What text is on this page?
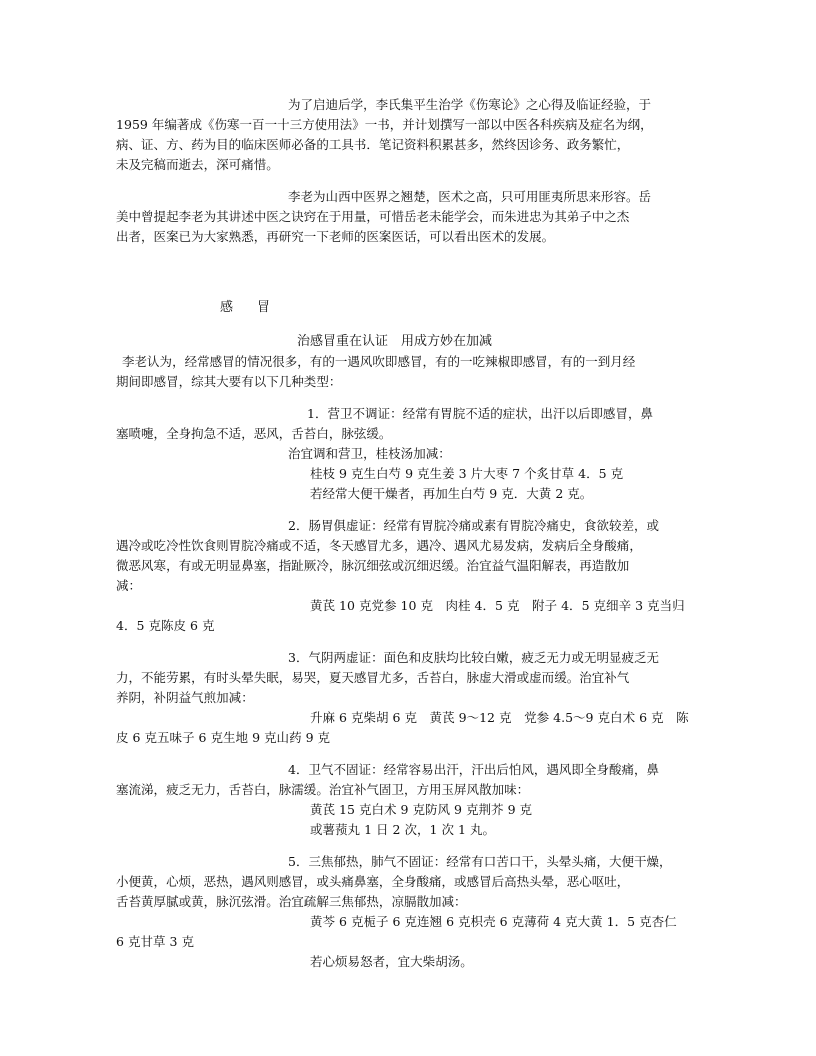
为了启迪后学，李氏集平生治学《伤寒论》之心得及临证经验，于
1959 年编著成《伤寒一百一十三方使用法》一书，并计划撰写一部以中医各科疾病及症名为纲，
病、证、方、药为目的临床医师必备的工具书．笔记资料积累甚多，然终因诊务、政务繁忙，
未及完稿而逝去，深可痛惜。
李老为山西中医界之翘楚，医术之高，只可用匪夷所思来形容。岳
美中曾提起李老为其讲述中医之诀窍在于用量，可惜岳老未能学会，而朱进忠为其弟子中之杰
出者，医案已为大家熟悉，再研究一下老师的医案医话，可以看出医术的发展。
感 冒
治感冒重在认证　用成方妙在加减
李老认为，经常感冒的情况很多，有的一遇风吹即感冒，有的一吃辣椒即感冒，有的一到月经
期间即感冒，综其大要有以下几种类型：
1．营卫不调证：经常有胃脘不适的症状，出汗以后即感冒，鼻
塞喷嚏，全身拘急不适，恶风，舌苔白，脉弦缓。
治宜调和营卫，桂枝汤加减：
桂枝 9 克生白芍 9 克生姜 3 片大枣 7 个炙甘草 4．5 克
若经常大便干燥者，再加生白芍 9 克．大黄 2 克。
2．肠胃俱虚证：经常有胃脘冷痛或素有胃脘冷痛史，食欲较差，或
遇冷或吃冷性饮食则胃脘冷痛或不适，冬天感冒尤多，遇冷、遇风尤易发病，发病后全身酸痛，
微恶风寒，有或无明显鼻塞，指趾厥冷，脉沉细弦或沉细迟缓。治宜益气温阳解表，再造散加
减：
黄芪 10 克党参 10 克　肉桂 4．5 克　附子 4．5 克细辛 3 克当归
4．5 克陈皮 6 克
3．气阴两虚证：面色和皮肤均比较白嫩，疲乏无力或无明显疲乏无
力，不能劳累，有时头晕失眠，易哭，夏天感冒尤多，舌苔白，脉虚大滑或虚而缓。治宜补气
养阴，补阴益气煎加减：
升麻 6 克柴胡 6 克　黄芪 9～12 克　党参 4.5～9 克白术 6 克　陈
皮 6 克五味子 6 克生地 9 克山药 9 克
4．卫气不固证：经常容易出汗，汗出后怕风，遇风即全身酸痛，鼻
塞流涕，疲乏无力，舌苔白，脉濡缓。治宜补气固卫，方用玉屏风散加味：
黄芪 15 克白术 9 克防风 9 克荆芥 9 克
或薯蓣丸 1 日 2 次，1 次 1 丸。
5．三焦郁热，肺气不固证：经常有口苦口干，头晕头痛，大便干燥，
小便黄，心烦，恶热，遇风则感冒，或头痛鼻塞，全身酸痛，或感冒后高热头晕，恶心呕吐，
舌苔黄厚腻或黄，脉沉弦滑。治宜疏解三焦郁热，凉膈散加减：
黄芩 6 克栀子 6 克连翘 6 克枳壳 6 克薄荷 4 克大黄 1．5 克杏仁
6 克甘草 3 克
若心烦易怒者，宜大柴胡汤。
